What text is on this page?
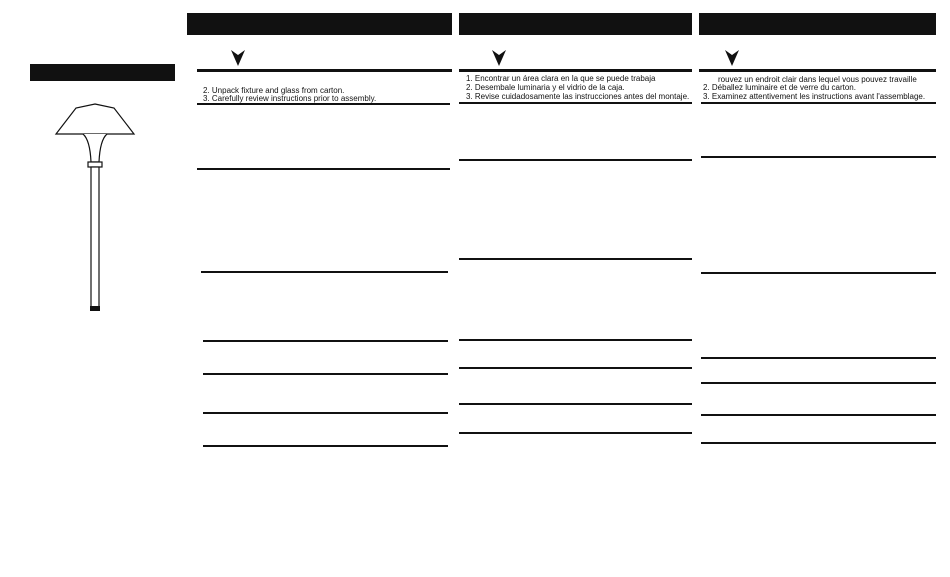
2. Unpack fixture and glass from carton.
3. Carefully review instructions prior to assembly.
1. Encontrar un área clara en la que se puede trabaja
2. Desembale luminaria y el vidrio de la caja.
3. Revise cuidadosamente las instrucciones antes del montaje.
rouvez un endroit clair dans lequel vous pouvez travaille
2. Déballez luminaire et de verre du carton.
3. Examinez attentivement les instructions avant l'assemblage.
